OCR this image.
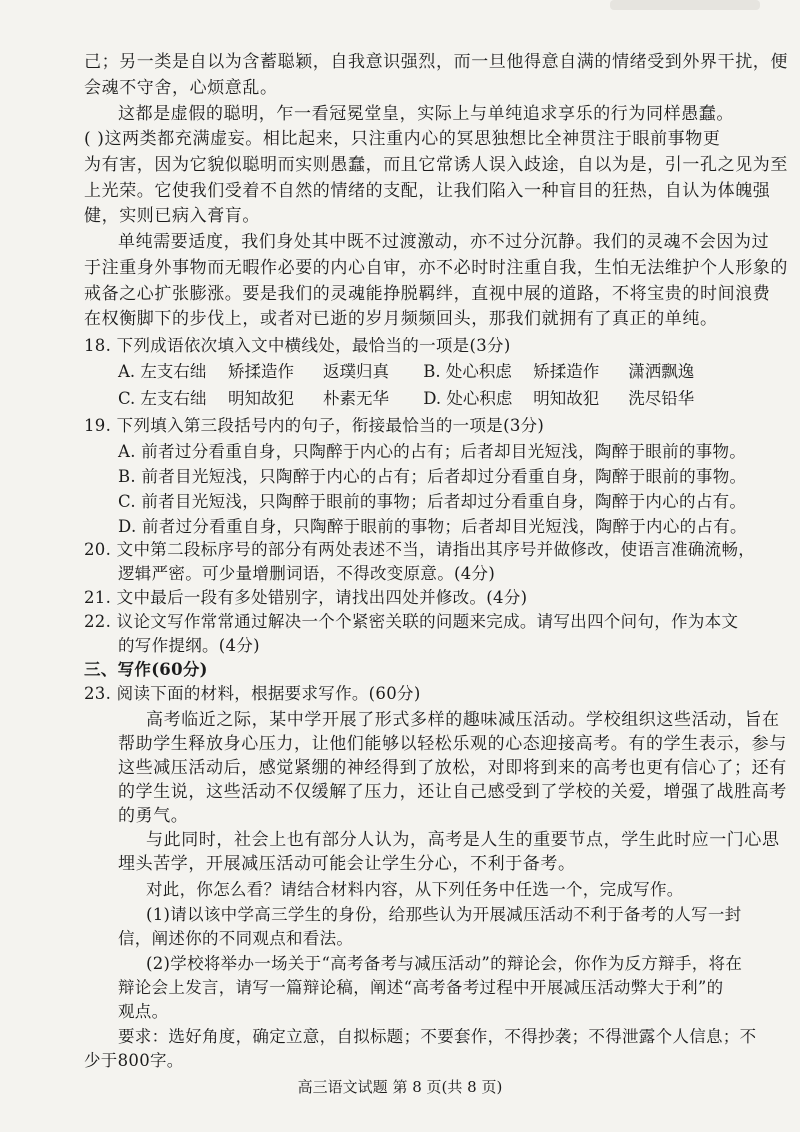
己；另一类是自以为含蓄聪颖，自我意识强烈，而一旦他得意自满的情绪受到外界干扰，便
会魂不守舍，心烦意乱。
这都是虚假的聪明，乍一看冠冕堂皇，实际上与单纯追求享乐的行为同样愚蠢。
( )这两类都充满虚妄。相比起来，只注重内心的冥思独想比全神贯注于眼前事物更
为有害，因为它貌似聪明而实则愚蠢，而且它常诱人误入歧途，自以为是，引一孔之见为至
上光荣。它使我们受着不自然的情绪的支配，让我们陷入一种盲目的狂热，自认为体魄强
健，实则已病入膏肓。
单纯需要适度，我们身处其中既不过渡激动，亦不过分沉静。我们的灵魂不会因为过
于注重身外事物而无暇作必要的内心自审，亦不必时时注重自我，生怕无法维护个人形象的
戒备之心扩张膨涨。要是我们的灵魂能挣脱羁绊，直视中展的道路，不将宝贵的时间浪费
在权衡脚下的步伐上，或者对已逝的岁月频频回头，那我们就拥有了真正的单纯。
18. 下列成语依次填入文中横线处，最恰当的一项是(3分)
A. 左支右绌 矫揉造作 返璞归真 B. 处心积虑 矫揉造作 潇洒飘逸
C. 左支右绌 明知故犯 朴素无华 D. 处心积虑 明知故犯 洗尽铅华
19. 下列填入第三段括号内的句子，衔接最恰当的一项是(3分)
A. 前者过分看重自身，只陶醉于内心的占有；后者却目光短浅，陶醉于眼前的事物。
B. 前者目光短浅，只陶醉于内心的占有；后者却过分看重自身，陶醉于眼前的事物。
C. 前者目光短浅，只陶醉于眼前的事物；后者却过分看重自身，陶醉于内心的占有。
D. 前者过分看重自身，只陶醉于眼前的事物；后者却目光短浅，陶醉于内心的占有。
20. 文中第二段标序号的部分有两处表述不当，请指出其序号并做修改，使语言准确流畅，
逻辑严密。可少量增删词语，不得改变原意。(4分)
21. 文中最后一段有多处错别字，请找出四处并修改。(4分)
22. 议论文写作常常通过解决一个个紧密关联的问题来完成。请写出四个问句，作为本文
的写作提纲。(4分)
三、写作(60分)
23. 阅读下面的材料，根据要求写作。(60分)
高考临近之际，某中学开展了形式多样的趣味减压活动。学校组织这些活动，旨在
帮助学生释放身心压力，让他们能够以轻松乐观的心态迎接高考。有的学生表示，参与
这些减压活动后，感觉紧绷的神经得到了放松，对即将到来的高考也更有信心了；还有
的学生说，这些活动不仅缓解了压力，还让自己感受到了学校的关爱，增强了战胜高考
的勇气。
与此同时，社会上也有部分人认为，高考是人生的重要节点，学生此时应一门心思
埋头苦学，开展减压活动可能会让学生分心，不利于备考。
对此，你怎么看？请结合材料内容，从下列任务中任选一个，完成写作。
(1)请以该中学高三学生的身份，给那些认为开展减压活动不利于备考的人写一封
信，阐述你的不同观点和看法。
(2)学校将举办一场关于“高考备考与减压活动”的辩论会，你作为反方辩手，将在
辩论会上发言，请写一篇辩论稿，阐述“高考备考过程中开展减压活动弊大于利”的
观点。
要求：选好角度，确定立意，自拟标题；不要套作，不得抄袭；不得泄露个人信息；不
少于800字。
高三语文试题 第 8 页(共 8 页)
